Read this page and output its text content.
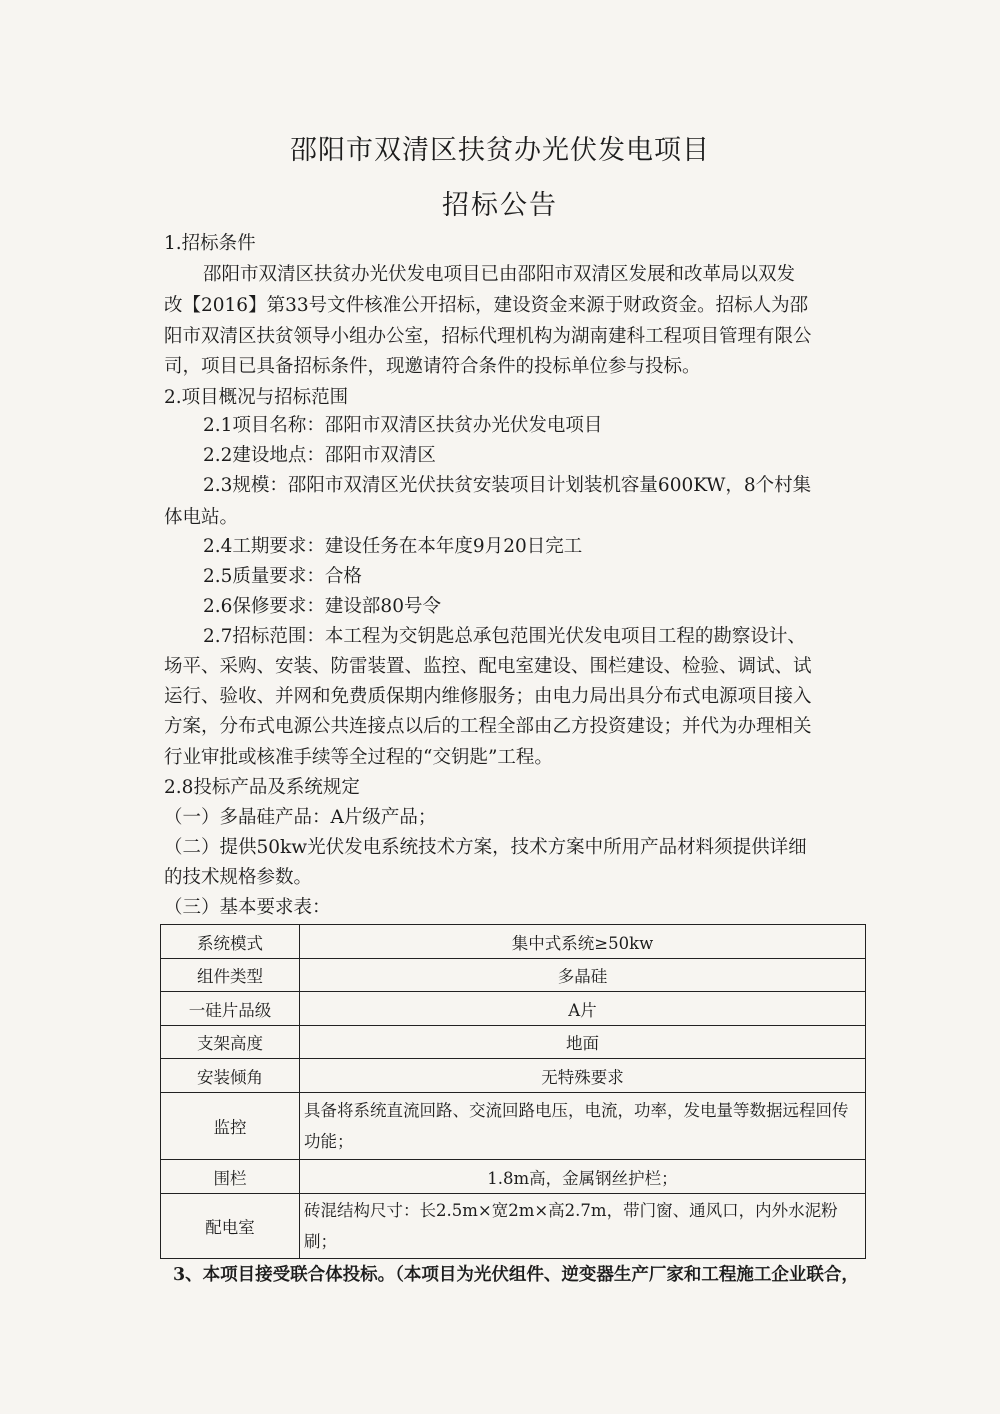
邵阳市双清区扶贫办光伏发电项目
招标公告
1.招标条件
邵阳市双清区扶贫办光伏发电项目已由邵阳市双清区发展和改革局以双发
改【2016】第33号文件核准公开招标，建设资金来源于财政资金。招标人为邵
阳市双清区扶贫领导小组办公室，招标代理机构为湖南建科工程项目管理有限公
司，项目已具备招标条件，现邀请符合条件的投标单位参与投标。
2.项目概况与招标范围
2.1项目名称：邵阳市双清区扶贫办光伏发电项目
2.2建设地点：邵阳市双清区
2.3规模：邵阳市双清区光伏扶贫安装项目计划装机容量600KW，8个村集
体电站。
2.4工期要求：建设任务在本年度9月20日完工
2.5质量要求：合格
2.6保修要求：建设部80号令
2.7招标范围：本工程为交钥匙总承包范围光伏发电项目工程的勘察设计、
场平、采购、安装、防雷装置、监控、配电室建设、围栏建设、检验、调试、试
运行、验收、并网和免费质保期内维修服务；由电力局出具分布式电源项目接入
方案，分布式电源公共连接点以后的工程全部由乙方投资建设；并代为办理相关
行业审批或核准手续等全过程的“交钥匙”工程。
2.8投标产品及系统规定
（一）多晶硅产品：A片级产品；
（二）提供50kw光伏发电系统技术方案，技术方案中所用产品材料须提供详细
的技术规格参数。
（三）基本要求表：
系统模式	集中式系统≥50kw
组件类型	多晶硅
一硅片品级	A片
支架高度	地面
安装倾角	无特殊要求
监控	具备将系统直流回路、交流回路电压，电流，功率，发电量等数据远程回传功能；
围栏	1.8m高，金属钢丝护栏；
配电室	砖混结构尺寸：长2.5m×宽2m×高2.7m，带门窗、通风口，内外水泥粉刷；
3、本项目接受联合体投标。（本项目为光伏组件、逆变器生产厂家和工程施工企业联合，
